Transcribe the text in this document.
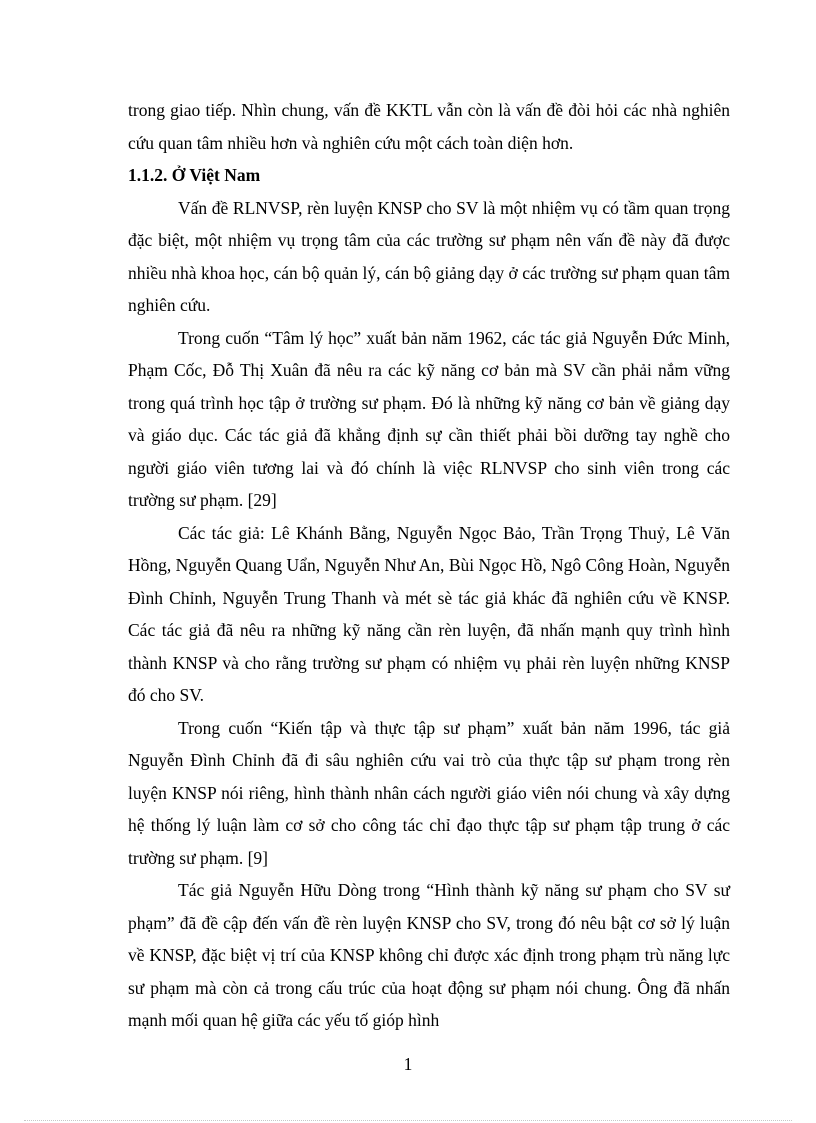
trong giao tiếp. Nhìn chung, vấn đề KKTL vẫn còn là vấn đề đòi hỏi các nhà nghiên cứu quan tâm nhiều hơn và nghiên cứu một cách toàn diện hơn.

1.1.2. Ở Việt Nam

Vấn đề RLNVSP, rèn luyện KNSP cho SV là một nhiệm vụ có tầm quan trọng đặc biệt, một nhiệm vụ trọng tâm của các trường sư phạm nên vấn đề này đã được nhiều nhà khoa học, cán bộ quản lý, cán bộ giảng dạy ở các trường sư phạm quan tâm nghiên cứu.

Trong cuốn “Tâm lý học” xuất bản năm 1962, các tác giả Nguyễn Đức Minh, Phạm Cốc, Đỗ Thị Xuân đã nêu ra các kỹ năng cơ bản mà SV cần phải nắm vững trong quá trình học tập ở trường sư phạm. Đó là những kỹ năng cơ bản về giảng dạy và giáo dục. Các tác giả đã khẳng định sự cần thiết phải bồi dưỡng tay nghề cho người giáo viên tương lai và đó chính là việc RLNVSP cho sinh viên trong các trường sư phạm. [29]

Các tác giả: Lê Khánh Bằng, Nguyễn Ngọc Bảo, Trần Trọng Thuỷ, Lê Văn Hồng, Nguyễn Quang Uẩn, Nguyễn Như An, Bùi Ngọc Hồ, Ngô Công Hoàn, Nguyễn Đình Chỉnh, Nguyễn Trung Thanh và mét sè tác giả khác đã nghiên cứu về KNSP. Các tác giả đã nêu ra những kỹ năng cần rèn luyện, đã nhấn mạnh quy trình hình thành KNSP và cho rằng trường sư phạm có nhiệm vụ phải rèn luyện những KNSP đó cho SV.

Trong cuốn “Kiến tập và thực tập sư phạm” xuất bản năm 1996, tác giả Nguyễn Đình Chỉnh đã đi sâu nghiên cứu vai trò của thực tập sư phạm trong rèn luyện KNSP nói riêng, hình thành nhân cách người giáo viên nói chung và xây dựng hệ thống lý luận làm cơ sở cho công tác chỉ đạo thực tập sư phạm tập trung ở các trường sư phạm. [9]

Tác giả Nguyễn Hữu Dòng trong “Hình thành kỹ năng sư phạm cho SV sư phạm” đã đề cập đến vấn đề rèn luyện KNSP cho SV, trong đó nêu bật cơ sở lý luận về KNSP, đặc biệt vị trí của KNSP không chỉ được xác định trong phạm trù năng lực sư phạm mà còn cả trong cấu trúc của hoạt động sư phạm nói chung. Ông đã nhấn mạnh mối quan hệ giữa các yếu tố gióp hình

1
